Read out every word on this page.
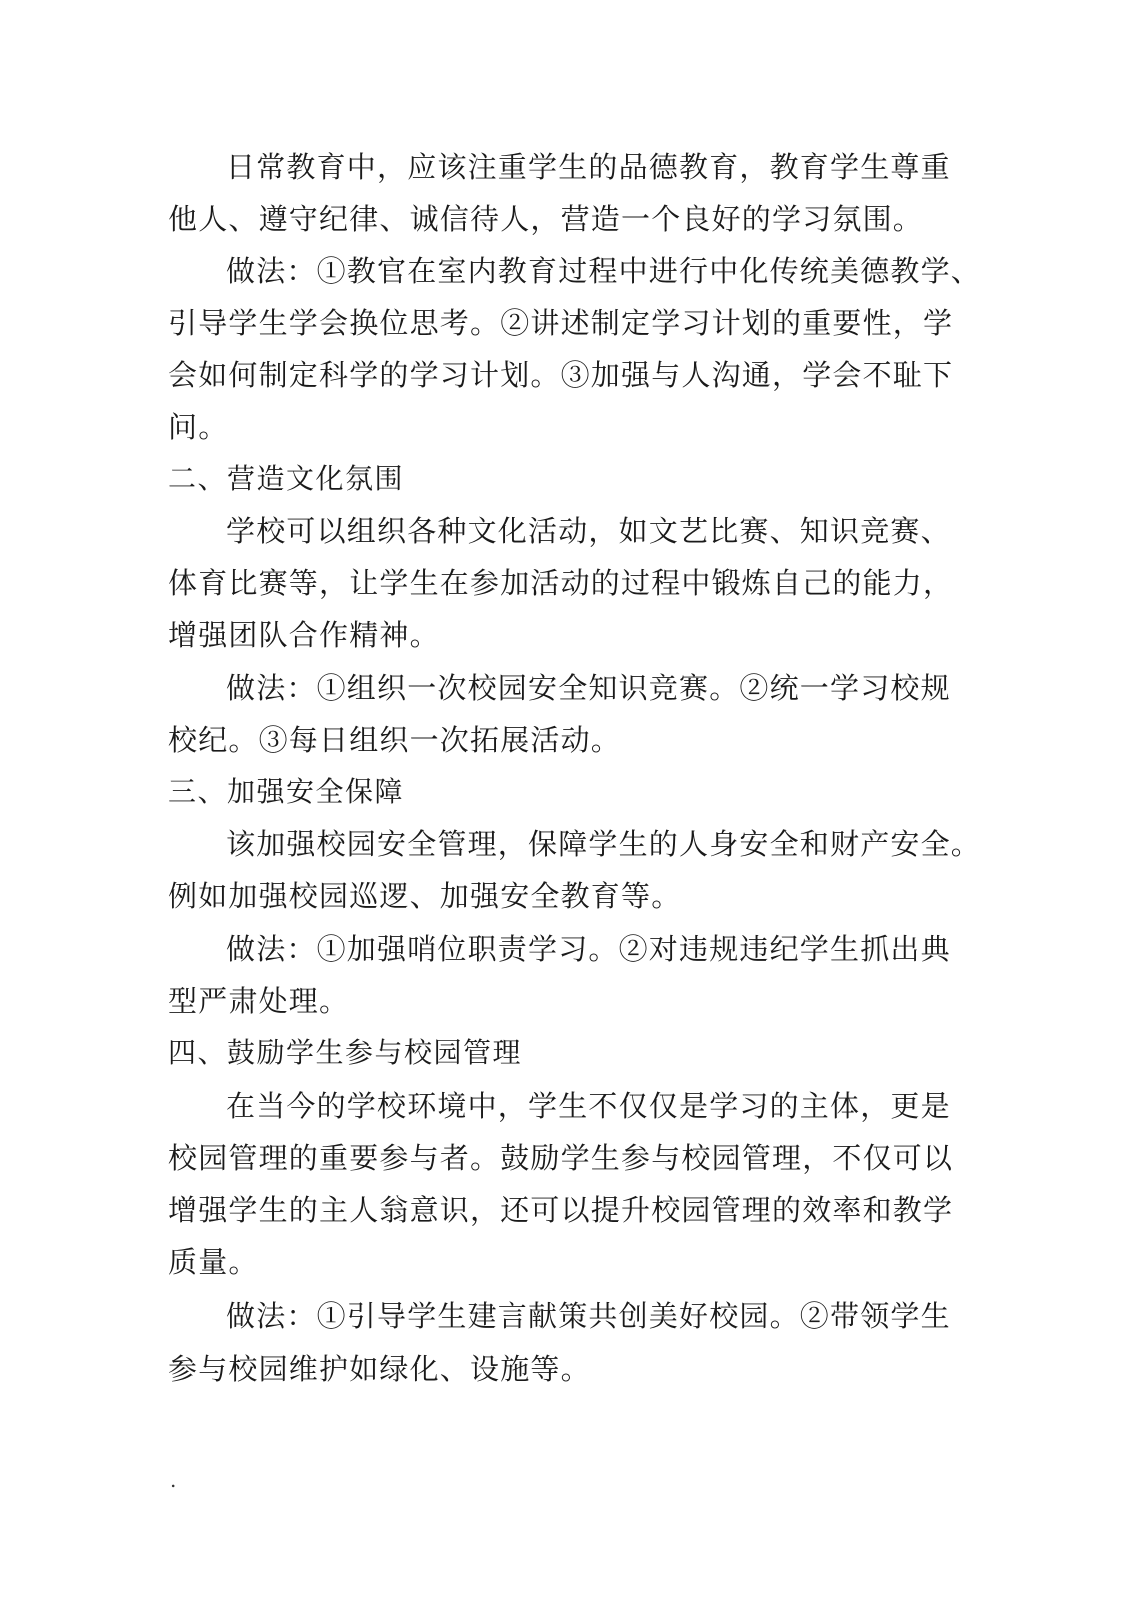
日常教育中，应该注重学生的品德教育，教育学生尊重
他人、遵守纪律、诚信待人，营造一个良好的学习氛围。
做法：①教官在室内教育过程中进行中化传统美德教学、
引导学生学会换位思考。②讲述制定学习计划的重要性，学
会如何制定科学的学习计划。③加强与人沟通，学会不耻下
问。
二、营造文化氛围
学校可以组织各种文化活动，如文艺比赛、知识竞赛、
体育比赛等，让学生在参加活动的过程中锻炼自己的能力，
增强团队合作精神。
做法：①组织一次校园安全知识竞赛。②统一学习校规
校纪。③每日组织一次拓展活动。
三、加强安全保障
该加强校园安全管理，保障学生的人身安全和财产安全。
例如加强校园巡逻、加强安全教育等。
做法：①加强哨位职责学习。②对违规违纪学生抓出典
型严肃处理。
四、鼓励学生参与校园管理
在当今的学校环境中，学生不仅仅是学习的主体，更是
校园管理的重要参与者。鼓励学生参与校园管理，不仅可以
增强学生的主人翁意识，还可以提升校园管理的效率和教学
质量。
做法：①引导学生建言献策共创美好校园。②带领学生
参与校园维护如绿化、设施等。
.
